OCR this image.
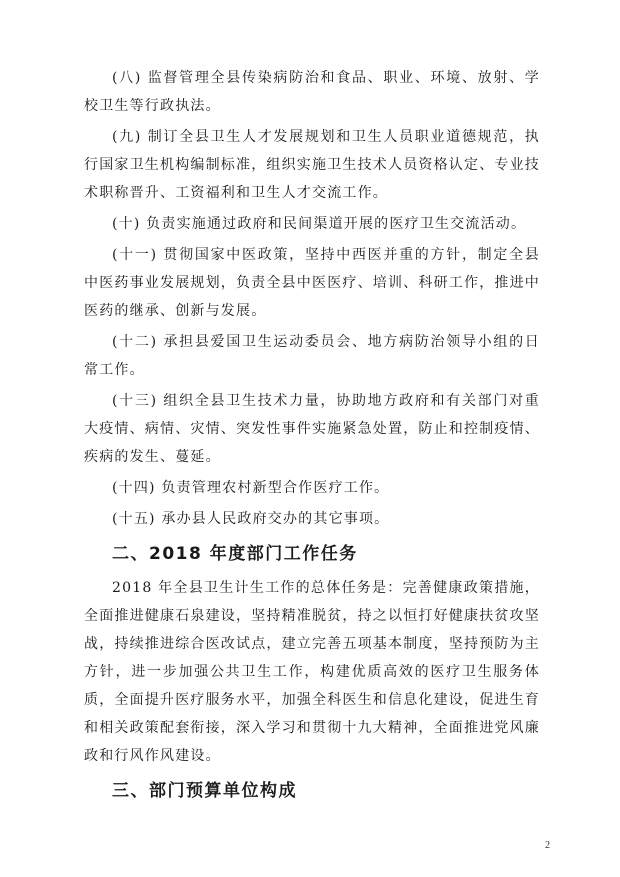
(八) 监督管理全县传染病防治和食品、职业、环境、放射、学校卫生等行政执法。

(九) 制订全县卫生人才发展规划和卫生人员职业道德规范，执行国家卫生机构编制标准，组织实施卫生技术人员资格认定、专业技术职称晋升、工资福利和卫生人才交流工作。

(十) 负责实施通过政府和民间渠道开展的医疗卫生交流活动。

(十一) 贯彻国家中医政策，坚持中西医并重的方针，制定全县中医药事业发展规划，负责全县中医医疗、培训、科研工作，推进中医药的继承、创新与发展。

(十二) 承担县爱国卫生运动委员会、地方病防治领导小组的日常工作。

(十三) 组织全县卫生技术力量，协助地方政府和有关部门对重大疫情、病情、灾情、突发性事件实施紧急处置，防止和控制疫情、疾病的发生、蔓延。

(十四) 负责管理农村新型合作医疗工作。

(十五) 承办县人民政府交办的其它事项。

二、2018 年度部门工作任务

2018 年全县卫生计生工作的总体任务是：完善健康政策措施，全面推进健康石泉建设，坚持精准脱贫，持之以恒打好健康扶贫攻坚战，持续推进综合医改试点，建立完善五项基本制度，坚持预防为主方针，进一步加强公共卫生工作，构建优质高效的医疗卫生服务体质，全面提升医疗服务水平，加强全科医生和信息化建设，促进生育和相关政策配套衔接，深入学习和贯彻十九大精神，全面推进党风廉政和行风作风建设。

三、部门预算单位构成
2
